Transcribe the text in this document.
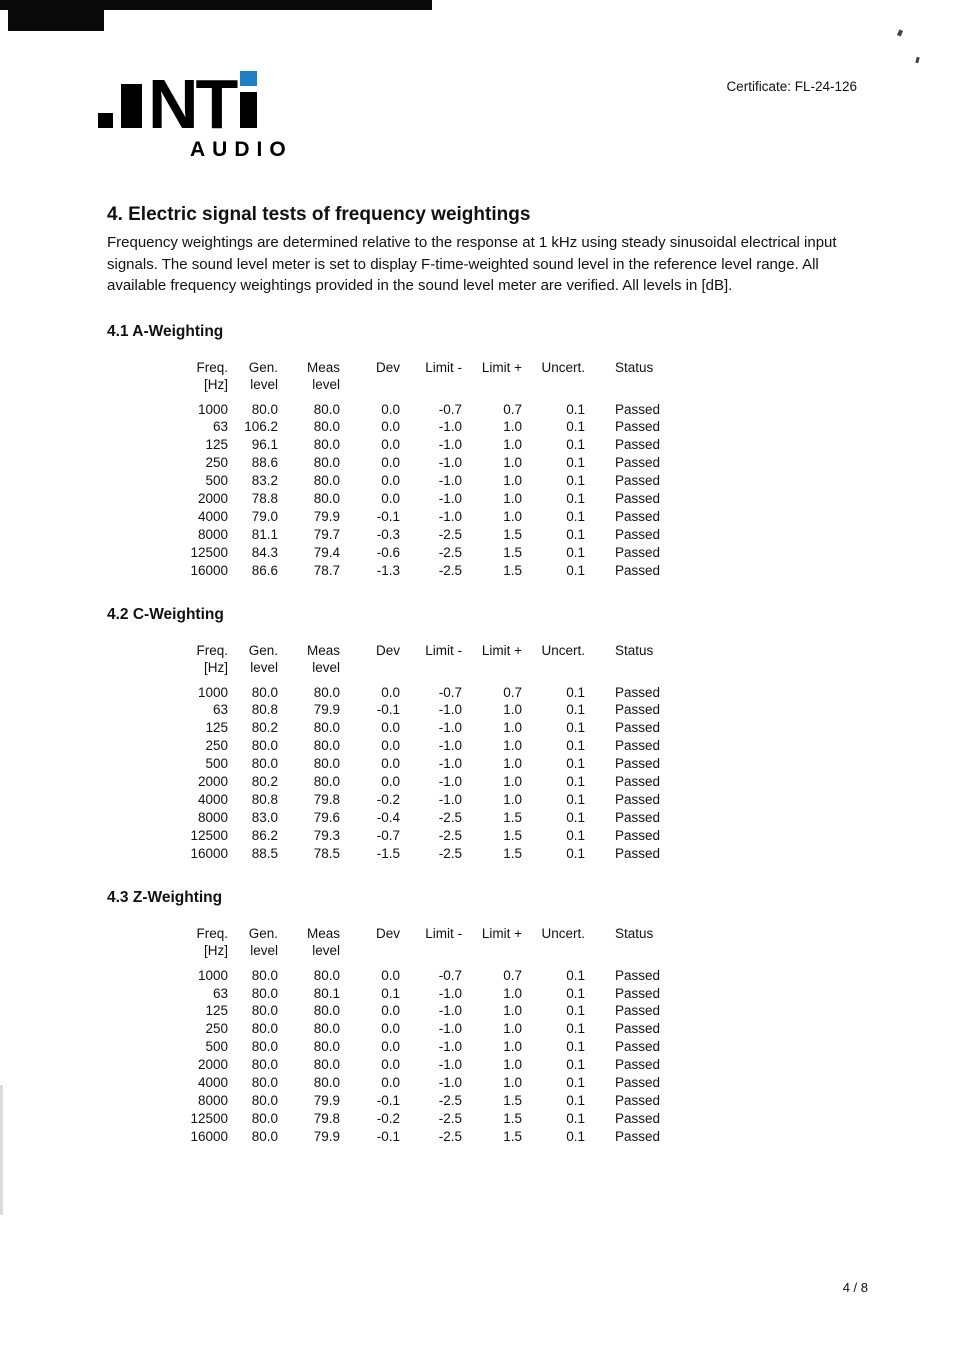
Certificate: FL-24-126
NT
AUDIO
4. Electric signal tests of frequency weightings

Frequency weightings are determined relative to the response at 1 kHz using steady sinusoidal electrical input signals. The sound level meter is set to display F-time-weighted sound level in the reference level range. All available frequency weightings provided in the sound level meter are verified. All levels in [dB].

4.1 A-Weighting
Freq.	Gen.	Meas	Dev	Limit -	Limit +	Uncert.	Status
[Hz]	level	level					
1000	80.0	80.0	0.0	-0.7	0.7	0.1	Passed
63	106.2	80.0	0.0	-1.0	1.0	0.1	Passed
125	96.1	80.0	0.0	-1.0	1.0	0.1	Passed
250	88.6	80.0	0.0	-1.0	1.0	0.1	Passed
500	83.2	80.0	0.0	-1.0	1.0	0.1	Passed
2000	78.8	80.0	0.0	-1.0	1.0	0.1	Passed
4000	79.0	79.9	-0.1	-1.0	1.0	0.1	Passed
8000	81.1	79.7	-0.3	-2.5	1.5	0.1	Passed
12500	84.3	79.4	-0.6	-2.5	1.5	0.1	Passed
16000	86.6	78.7	-1.3	-2.5	1.5	0.1	Passed
4.2 C-Weighting
Freq.	Gen.	Meas	Dev	Limit -	Limit +	Uncert.	Status
[Hz]	level	level					
1000	80.0	80.0	0.0	-0.7	0.7	0.1	Passed
63	80.8	79.9	-0.1	-1.0	1.0	0.1	Passed
125	80.2	80.0	0.0	-1.0	1.0	0.1	Passed
250	80.0	80.0	0.0	-1.0	1.0	0.1	Passed
500	80.0	80.0	0.0	-1.0	1.0	0.1	Passed
2000	80.2	80.0	0.0	-1.0	1.0	0.1	Passed
4000	80.8	79.8	-0.2	-1.0	1.0	0.1	Passed
8000	83.0	79.6	-0.4	-2.5	1.5	0.1	Passed
12500	86.2	79.3	-0.7	-2.5	1.5	0.1	Passed
16000	88.5	78.5	-1.5	-2.5	1.5	0.1	Passed
4.3 Z-Weighting
Freq.	Gen.	Meas	Dev	Limit -	Limit +	Uncert.	Status
[Hz]	level	level					
1000	80.0	80.0	0.0	-0.7	0.7	0.1	Passed
63	80.0	80.1	0.1	-1.0	1.0	0.1	Passed
125	80.0	80.0	0.0	-1.0	1.0	0.1	Passed
250	80.0	80.0	0.0	-1.0	1.0	0.1	Passed
500	80.0	80.0	0.0	-1.0	1.0	0.1	Passed
2000	80.0	80.0	0.0	-1.0	1.0	0.1	Passed
4000	80.0	80.0	0.0	-1.0	1.0	0.1	Passed
8000	80.0	79.9	-0.1	-2.5	1.5	0.1	Passed
12500	80.0	79.8	-0.2	-2.5	1.5	0.1	Passed
16000	80.0	79.9	-0.1	-2.5	1.5	0.1	Passed
4 / 8
